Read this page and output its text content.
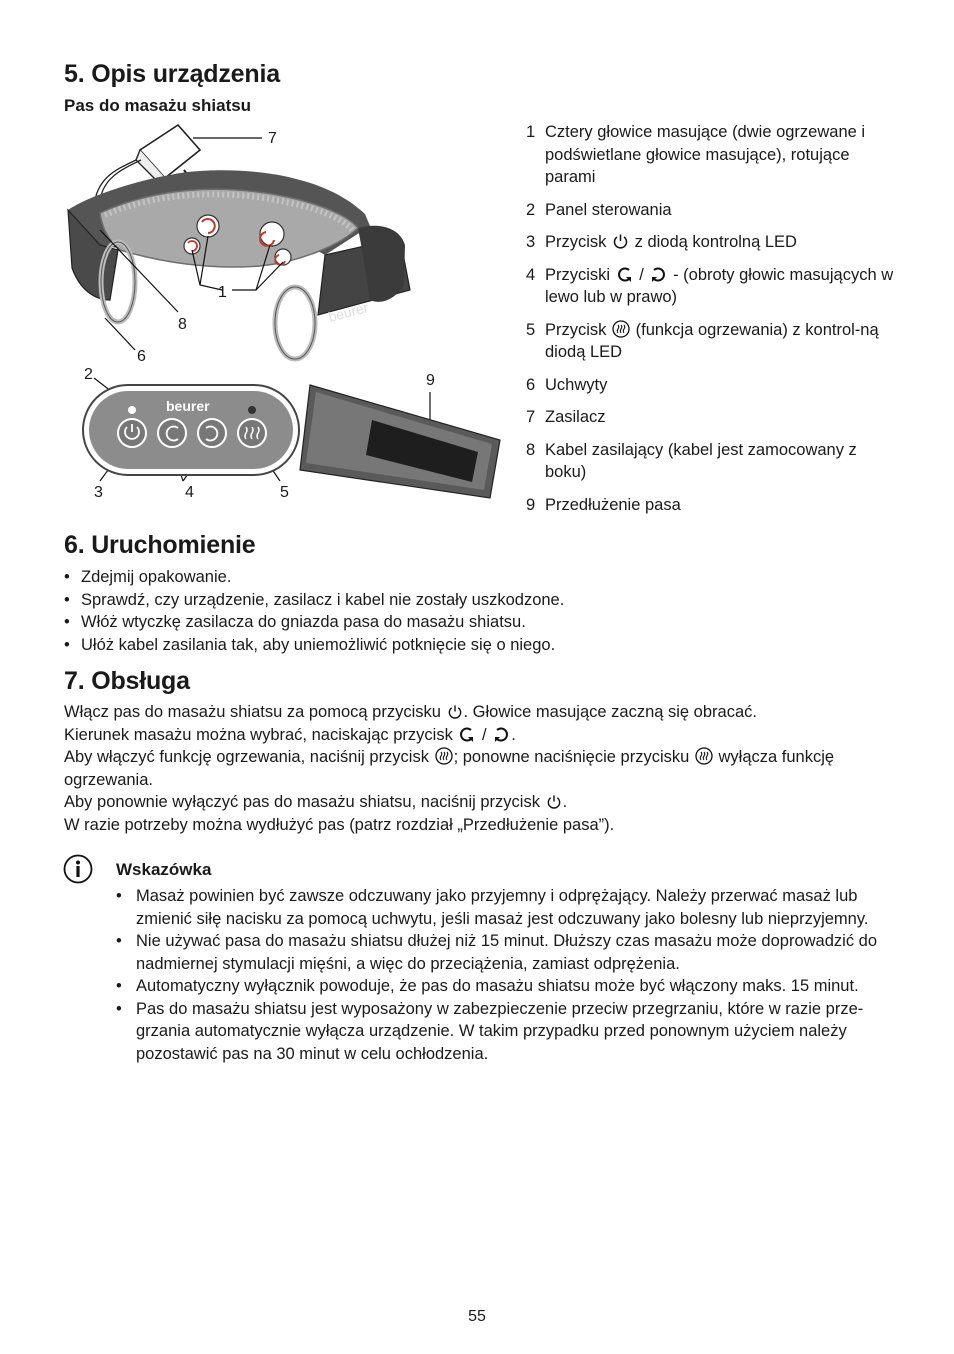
5. Opis urządzenia
Pas do masażu shiatsu
beurer
beurer
7
1
8
6
2	9
3	4	5
1 Cztery głowice masujące (dwie ogrzewane i podświetlane głowice masujące), rotujące parami
2 Panel sterowania
3 Przycisk z diodą kontrolną LED
4 Przyciski / - (obroty głowic masujących w lewo lub w prawo)
5 Przycisk (funkcja ogrzewania) z kontrol-ną diodą LED
6 Uchwyty
7 Zasilacz
8 Kabel zasilający (kabel jest zamocowany z boku)
9 Przedłużenie pasa
6. Uruchomienie
• Zdejmij opakowanie.
• Sprawdź, czy urządzenie, zasilacz i kabel nie zostały uszkodzone.
• Włóż wtyczkę zasilacza do gniazda pasa do masażu shiatsu.
• Ułóż kabel zasilania tak, aby uniemożliwić potknięcie się o niego.
7. Obsługa
Włącz pas do masażu shiatsu za pomocą przycisku . Głowice masujące zaczną się obracać.
Kierunek masażu można wybrać, naciskając przycisk / .
Aby włączyć funkcję ogrzewania, naciśnij przycisk ; ponowne naciśnięcie przycisku wyłącza funkcję ogrzewania.
Aby ponownie wyłączyć pas do masażu shiatsu, naciśnij przycisk .
W razie potrzeby można wydłużyć pas (patrz rozdział „Przedłużenie pasa”).
Wskazówka
• Masaż powinien być zawsze odczuwany jako przyjemny i odprężający. Należy przerwać masaż lub zmienić siłę nacisku za pomocą uchwytu, jeśli masaż jest odczuwany jako bolesny lub nieprzyjemny.
• Nie używać pasa do masażu shiatsu dłużej niż 15 minut. Dłuższy czas masażu może doprowadzić do nadmiernej stymulacji mięśni, a więc do przeciążenia, zamiast odprężenia.
• Automatyczny wyłącznik powoduje, że pas do masażu shiatsu może być włączony maks. 15 minut.
• Pas do masażu shiatsu jest wyposażony w zabezpieczenie przeciw przegrzaniu, które w razie prze-grzania automatycznie wyłącza urządzenie. W takim przypadku przed ponownym użyciem należy pozostawić pas na 30 minut w celu ochłodzenia.
55
